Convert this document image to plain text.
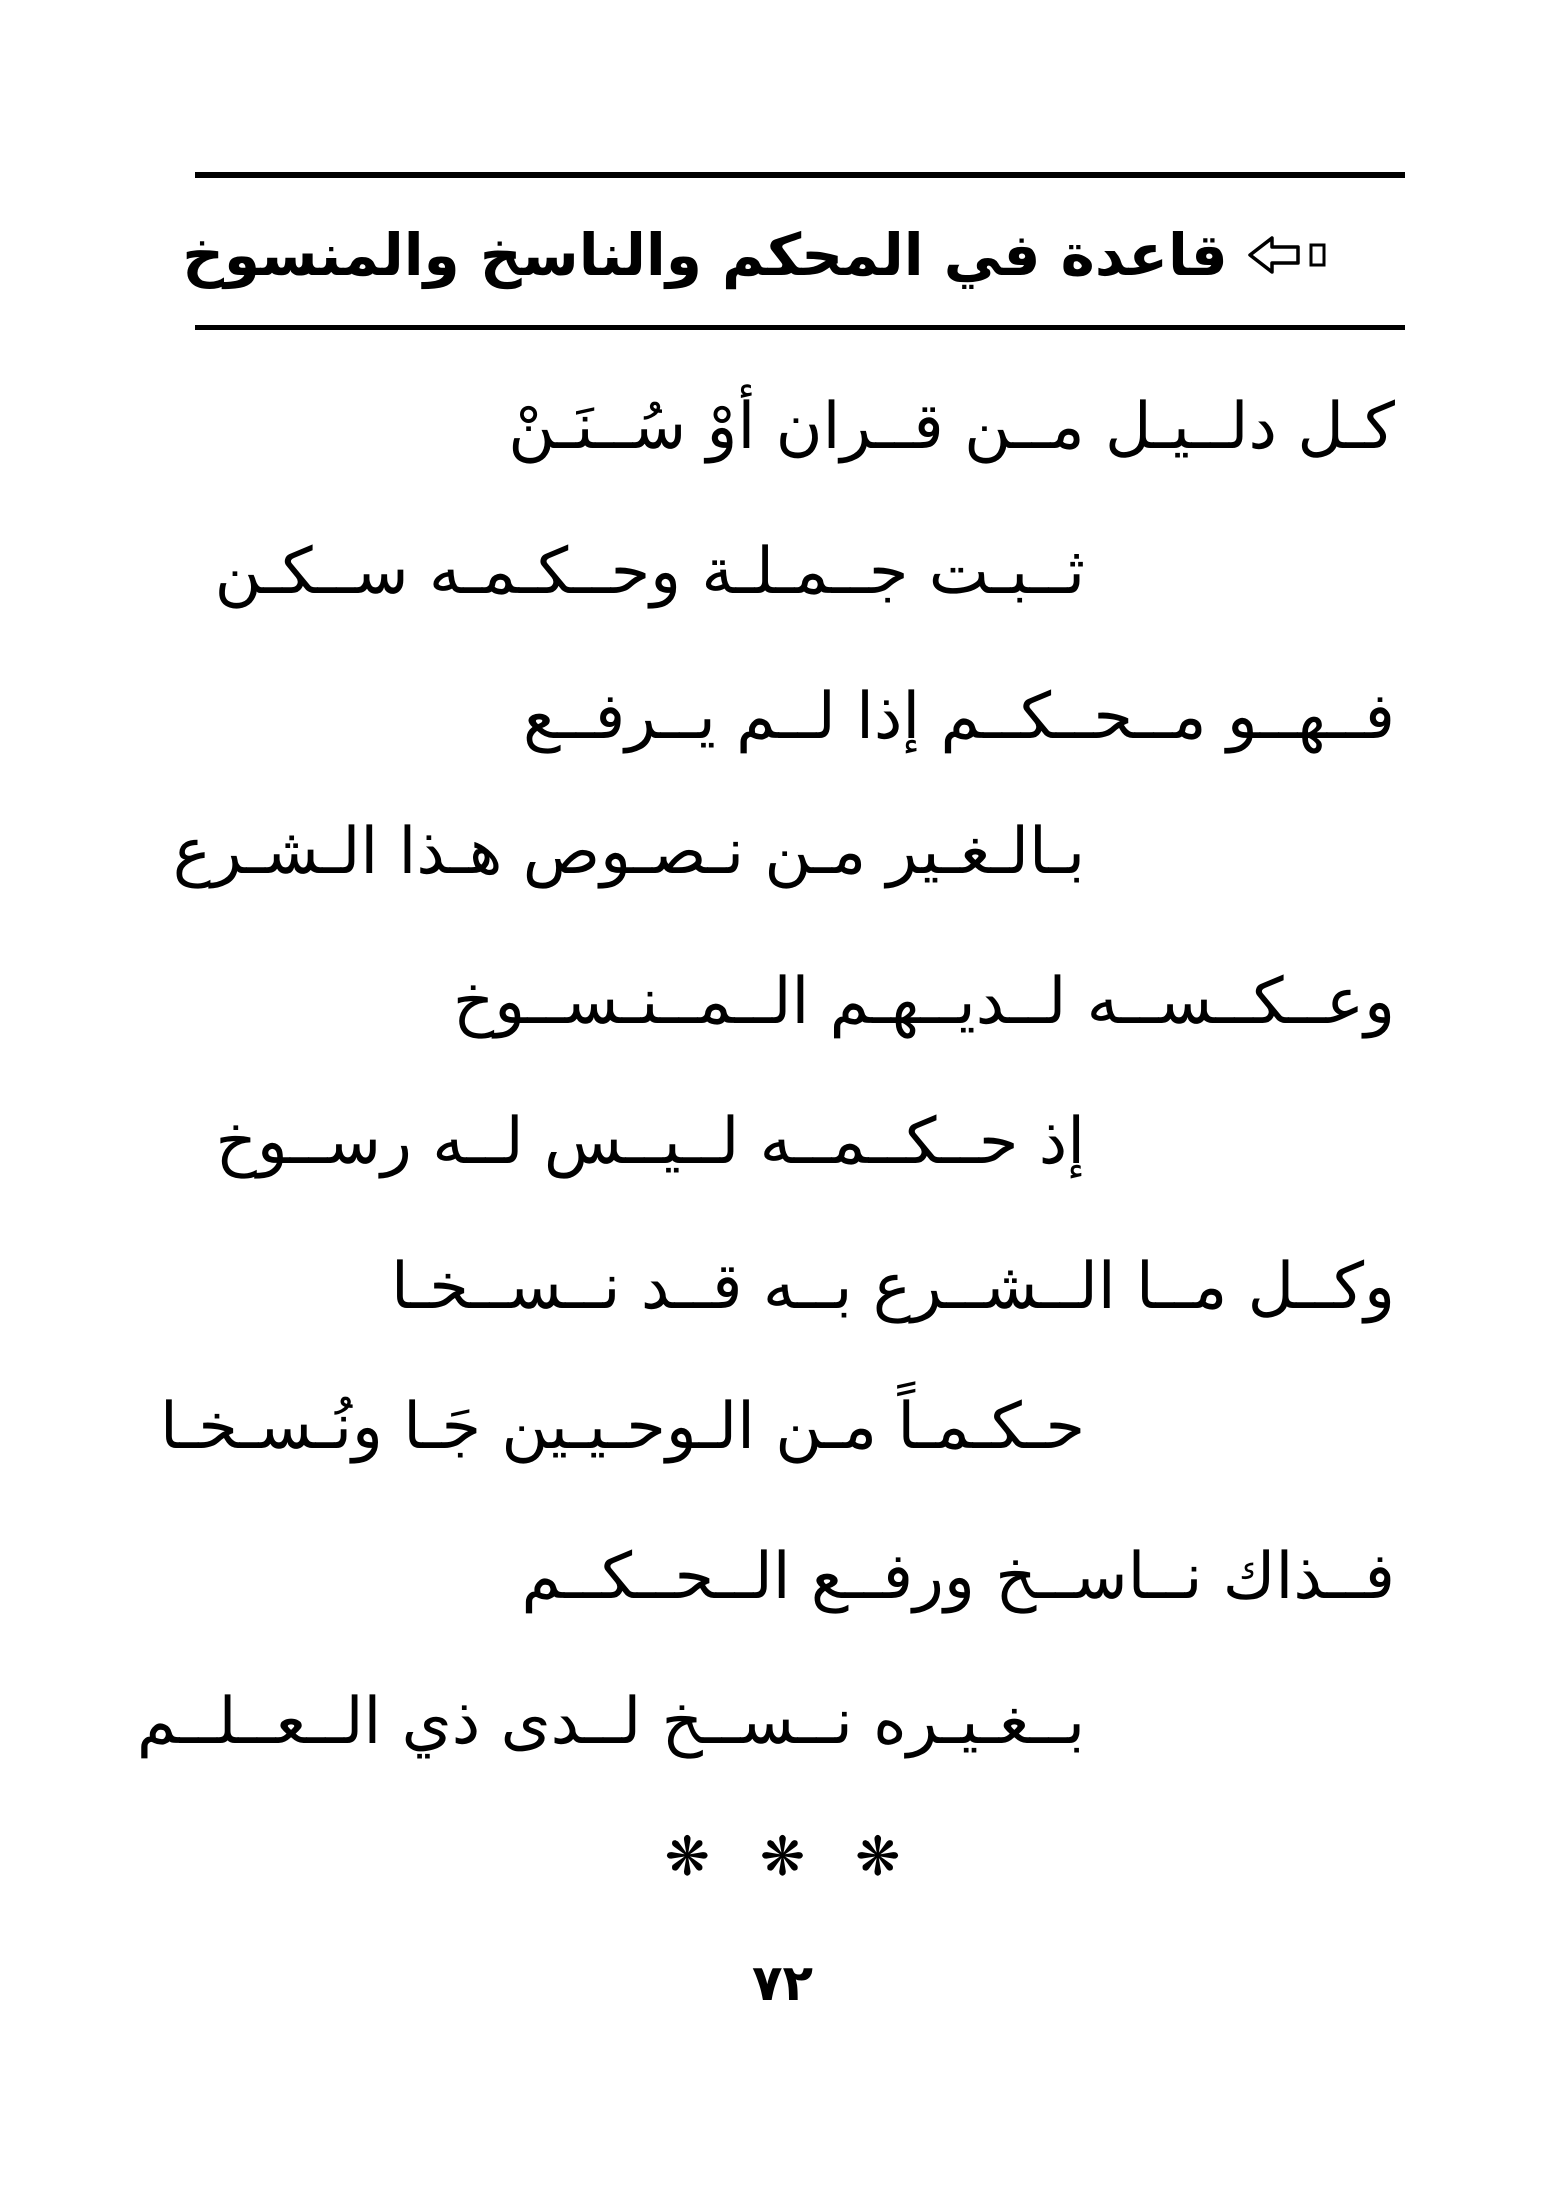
قاعدة في المحكم والناسخ والمنسوخ
كـل دلــيـل مــن قــران أوْ سُــنَـنْ
ثــبـت جــمـلـة وحــكـمـه ســكـن
فــهــو مــحــكــم إذا لــم يــرفــع
بـالـغـير مـن نـصـوص هـذا الـشـرع
وعــكــســه لــديــهـم الــمــنـســوخ
إذ حــكــمــه لــيــس لــه رســوخ
وكــل مــا الــشــرع بــه قــد نــســخـا
حـكـمـاً مـن الـوحـيـين جَـا ونُـسـخـا
فــذاك نــاســخ ورفــع الــحــكــم
بــغـيـره نــســخ لــدى ذي الــعــلــم
❋ ❋ ❋
٧٢
